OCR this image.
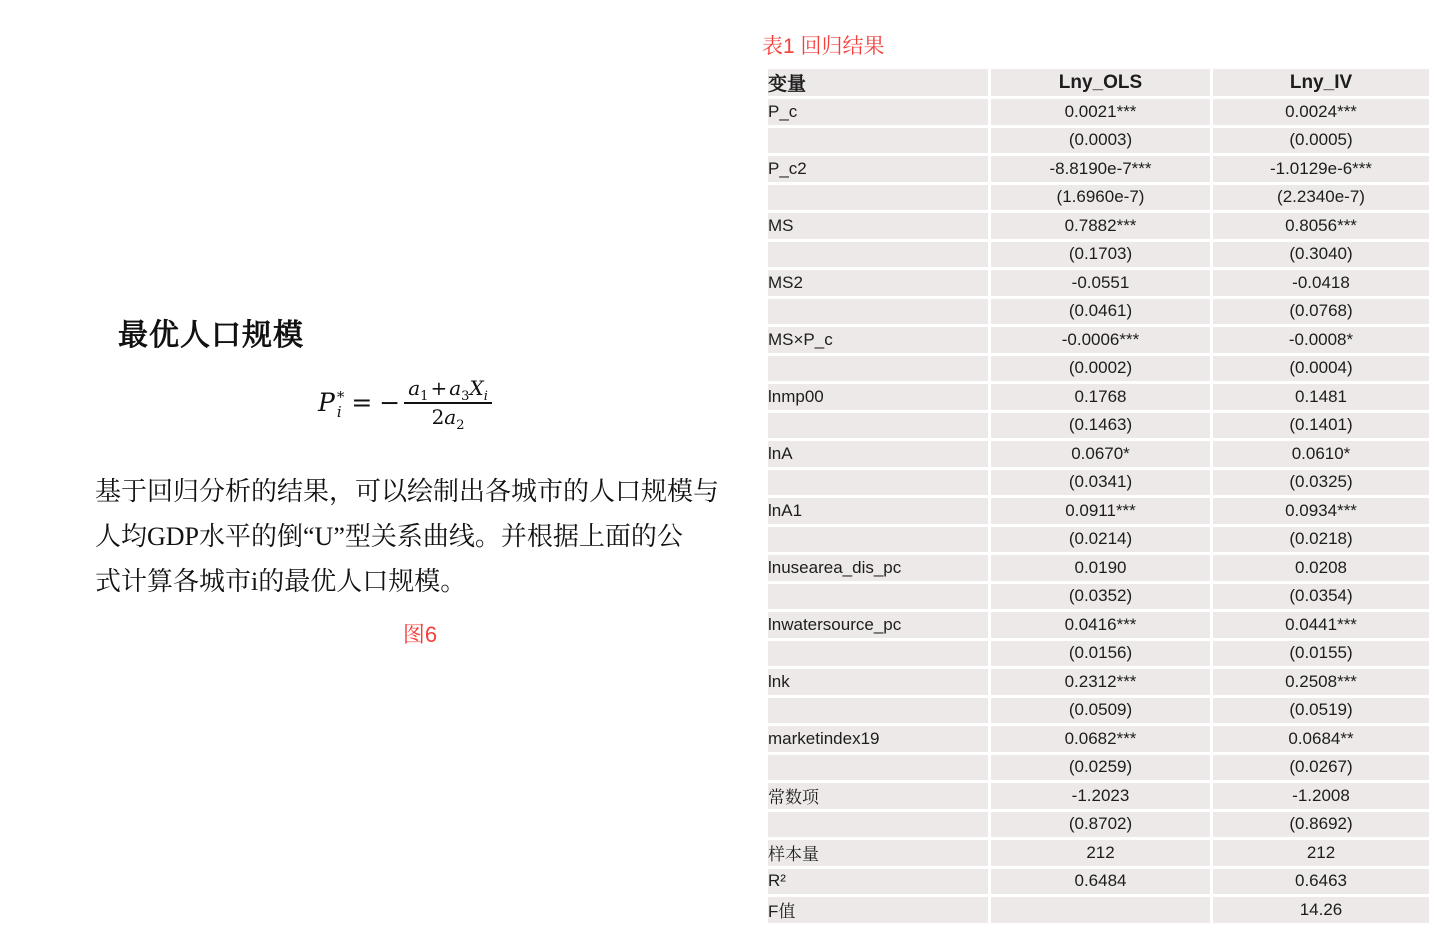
最优人口规模
P *
i = − $\frac{a_1 + a_3X_i}{2a_2}$
基于回归分析的结果，可以绘制出各城市的人口规模与
人均GDP水平的倒“U”型关系曲线。并根据上面的公
式计算各城市i的最优人口规模。
图6
表1 回归结果
变量	Lny_OLS	Lny_IV
P_c	0.0021***	0.0024***
	(0.0003)	(0.0005)
P_c2	-8.8190e-7***	-1.0129e-6***
	(1.6960e-7)	(2.2340e-7)
MS	0.7882***	0.8056***
	(0.1703)	(0.3040)
MS2	-0.0551	-0.0418
	(0.0461)	(0.0768)
MS×P_c	-0.0006***	-0.0008*
	(0.0002)	(0.0004)
lnmp00	0.1768	0.1481
	(0.1463)	(0.1401)
lnA	0.0670*	0.0610*
	(0.0341)	(0.0325)
lnA1	0.0911***	0.0934***
	(0.0214)	(0.0218)
lnusearea_dis_pc	0.0190	0.0208
	(0.0352)	(0.0354)
lnwatersource_pc	0.0416***	0.0441***
	(0.0156)	(0.0155)
lnk	0.2312***	0.2508***
	(0.0509)	(0.0519)
marketindex19	0.0682***	0.0684**
	(0.0259)	(0.0267)
常数项	-1.2023	-1.2008
	(0.8702)	(0.8692)
样本量	212	212
R²	0.6484	0.6463
F值		14.26
